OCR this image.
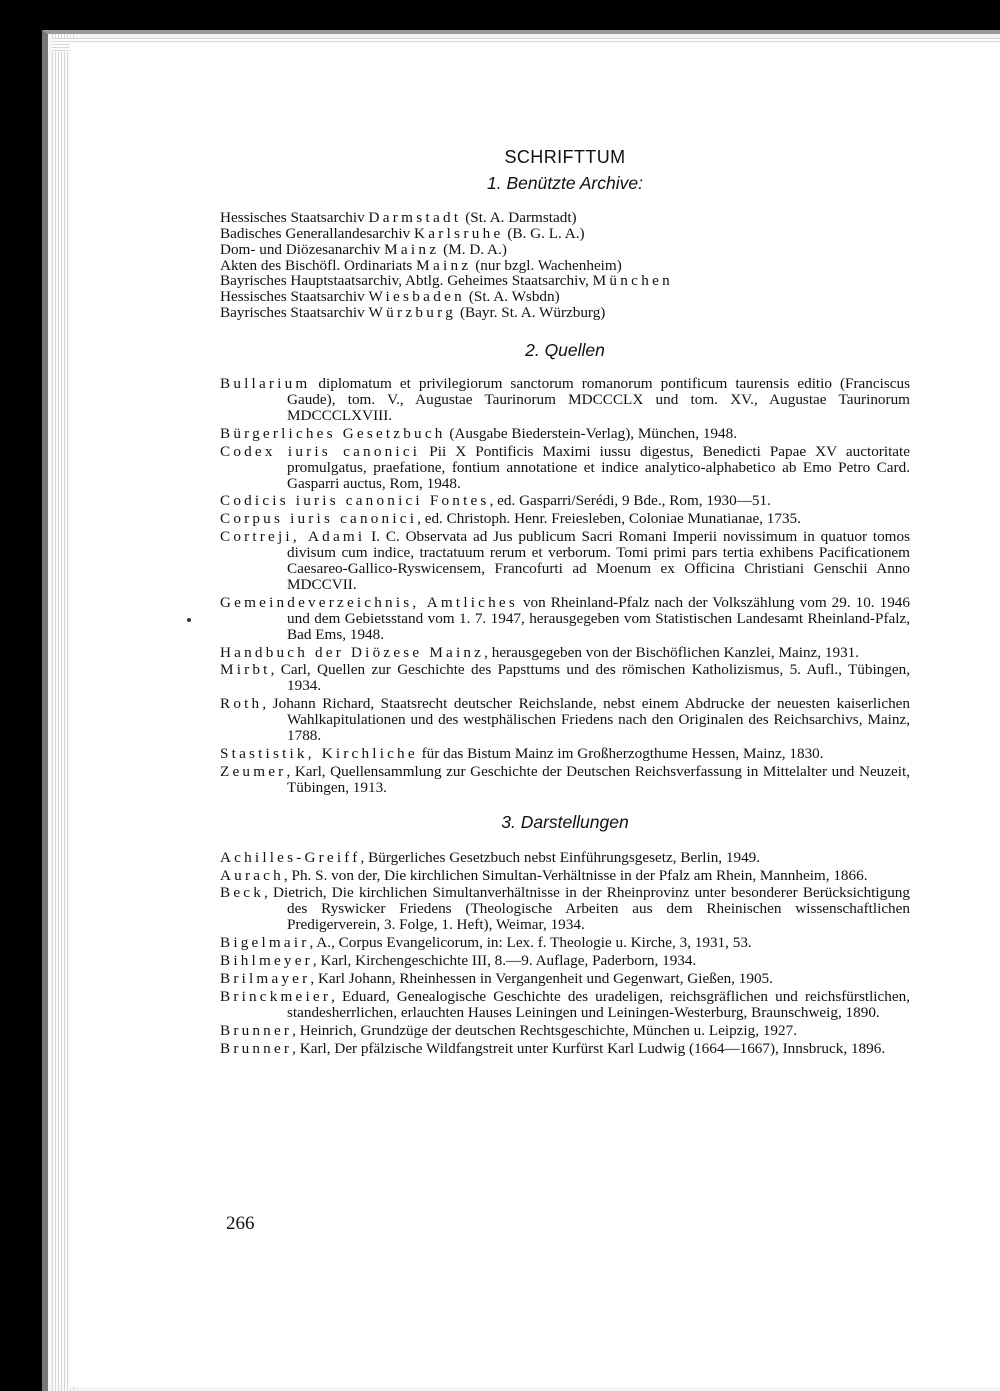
SCHRIFTTUM
1. Benützte Archive:

Hessisches Staatsarchiv Darmstadt (St. A. Darmstadt)

Badisches Generallandesarchiv Karlsruhe (B. G. L. A.)

Dom- und Diözesanarchiv Mainz (M. D. A.)

Akten des Bischöfl. Ordinariats Mainz (nur bzgl. Wachenheim)

Bayrisches Hauptstaatsarchiv, Abtlg. Geheimes Staatsarchiv, München

Hessisches Staatsarchiv Wiesbaden (St. A. Wsbdn)

Bayrisches Staatsarchiv Würzburg (Bayr. St. A. Würzburg)

2. Quellen

Bullarium diplomatum et privilegiorum sanctorum romanorum pontificum taurensis editio (Franciscus Gaude), tom. V., Augustae Taurinorum MDCCCLX und tom. XV., Augustae Taurinorum MDCCCLXVIII.

Bürgerliches Gesetzbuch (Ausgabe Biederstein-Verlag), München, 1948.

Codex iuris canonici Pii X Pontificis Maximi iussu digestus, Benedicti Papae XV auctoritate promulgatus, praefatione, fontium annotatione et indice analytico-alphabetico ab Emo Petro Card. Gasparri auctus, Rom, 1948.

Codicis iuris canonici Fontes, ed. Gasparri/Serédi, 9 Bde., Rom, 1930—51.

Corpus iuris canonici, ed. Christoph. Henr. Freiesleben, Coloniae Munatianae, 1735.

Cortreji, Adami I. C. Observata ad Jus publicum Sacri Romani Imperii novissimum in quatuor tomos divisum cum indice, tractatuum rerum et verborum. Tomi primi pars tertia exhibens Pacificationem Caesareo-Gallico-Ryswicensem, Francofurti ad Moenum ex Officina Christiani Genschii Anno MDCCVII.

Gemeindeverzeichnis, Amtliches von Rheinland-Pfalz nach der Volkszählung vom 29. 10. 1946 und dem Gebietsstand vom 1. 7. 1947, herausgegeben vom Statistischen Landesamt Rheinland-Pfalz, Bad Ems, 1948.

Handbuch der Diözese Mainz, herausgegeben von der Bischöflichen Kanzlei, Mainz, 1931.

Mirbt, Carl, Quellen zur Geschichte des Papsttums und des römischen Katholizismus, 5. Aufl., Tübingen, 1934.

Roth, Johann Richard, Staatsrecht deutscher Reichslande, nebst einem Abdrucke der neuesten kaiserlichen Wahlkapitulationen und des westphälischen Friedens nach den Originalen des Reichsarchivs, Mainz, 1788.

Stastistik, Kirchliche für das Bistum Mainz im Großherzogthume Hessen, Mainz, 1830.

Zeumer, Karl, Quellensammlung zur Geschichte der Deutschen Reichsverfassung in Mittelalter und Neuzeit, Tübingen, 1913.

3. Darstellungen

Achilles-Greiff, Bürgerliches Gesetzbuch nebst Einführungsgesetz, Berlin, 1949.

Aurach, Ph. S. von der, Die kirchlichen Simultan-Verhältnisse in der Pfalz am Rhein, Mannheim, 1866.

Beck, Dietrich, Die kirchlichen Simultanverhältnisse in der Rheinprovinz unter besonderer Berücksichtigung des Ryswicker Friedens (Theologische Arbeiten aus dem Rheinischen wissenschaftlichen Predigerverein, 3. Folge, 1. Heft), Weimar, 1934.

Bigelmair, A., Corpus Evangelicorum, in: Lex. f. Theologie u. Kirche, 3, 1931, 53.

Bihlmeyer, Karl, Kirchengeschichte III, 8.—9. Auflage, Paderborn, 1934.

Brilmayer, Karl Johann, Rheinhessen in Vergangenheit und Gegenwart, Gießen, 1905.

Brinckmeier, Eduard, Genealogische Geschichte des uradeligen, reichsgräflichen und reichsfürstlichen, standesherrlichen, erlauchten Hauses Leiningen und Leiningen-Westerburg, Braunschweig, 1890.

Brunner, Heinrich, Grundzüge der deutschen Rechtsgeschichte, München u. Leipzig, 1927.

Brunner, Karl, Der pfälzische Wildfangstreit unter Kurfürst Karl Ludwig (1664—1667), Innsbruck, 1896.

266
